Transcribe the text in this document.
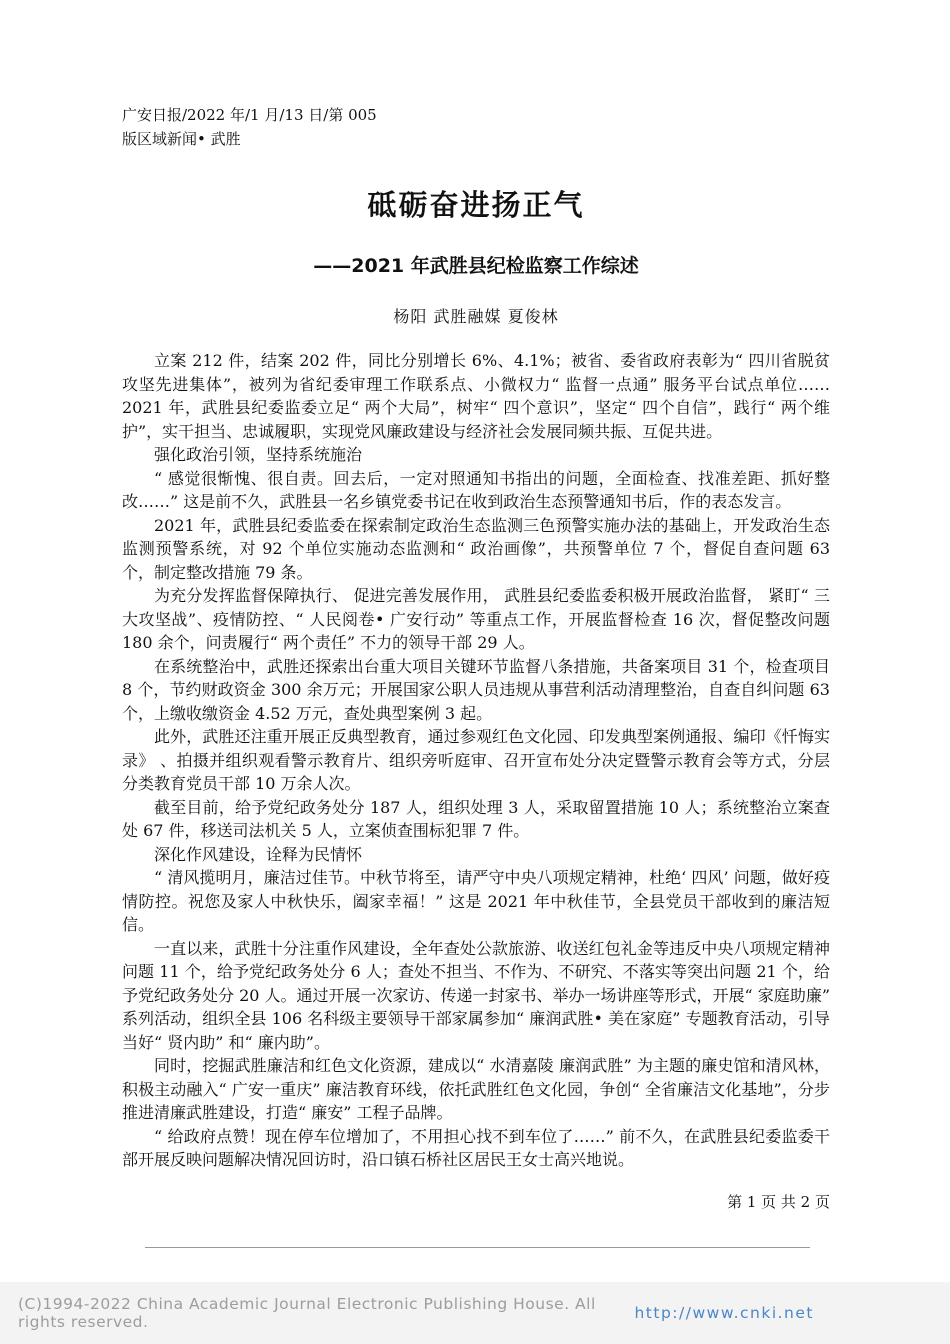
广安日报/2022 年/1 月/13 日/第 005
版区域新闻• 武胜
砥砺奋进扬正气
——2021 年武胜县纪检监察工作综述
杨阳 武胜融媒 夏俊林

立案 212 件，结案 202 件，同比分别增长 6%、4.1%；被省、委省政府表彰为“ 四川省脱贫攻坚先进集体”，被列为省纪委审理工作联系点、小微权力“ 监督一点通” 服务平台试点单位……2021 年，武胜县纪委监委立足“ 两个大局”，树牢“ 四个意识”，坚定“ 四个自信”，践行“ 两个维护”，实干担当、忠诚履职，实现党风廉政建设与经济社会发展同频共振、互促共进。

强化政治引领，坚持系统施治

“ 感觉很惭愧、很自责。回去后，一定对照通知书指出的问题，全面检查、找准差距、抓好整改……” 这是前不久，武胜县一名乡镇党委书记在收到政治生态预警通知书后，作的表态发言。

2021 年，武胜县纪委监委在探索制定政治生态监测三色预警实施办法的基础上，开发政治生态监测预警系统，对 92 个单位实施动态监测和“ 政治画像”，共预警单位 7 个，督促自查问题 63 个，制定整改措施 79 条。

为充分发挥监督保障执行、 促进完善发展作用， 武胜县纪委监委积极开展政治监督， 紧盯“ 三大攻坚战”、疫情防控、“ 人民阅卷• 广安行动” 等重点工作，开展监督检查 16 次，督促整改问题 180 余个，问责履行“ 两个责任” 不力的领导干部 29 人。

在系统整治中，武胜还探索出台重大项目关键环节监督八条措施，共备案项目 31 个，检查项目 8 个，节约财政资金 300 余万元；开展国家公职人员违规从事营利活动清理整治，自查自纠问题 63 个，上缴收缴资金 4.52 万元，查处典型案例 3 起。

此外，武胜还注重开展正反典型教育，通过参观红色文化园、印发典型案例通报、编印《忏悔实录》 、拍摄并组织观看警示教育片、组织旁听庭审、召开宣布处分决定暨警示教育会等方式，分层分类教育党员干部 10 万余人次。

截至目前，给予党纪政务处分 187 人，组织处理 3 人，采取留置措施 10 人；系统整治立案查处 67 件，移送司法机关 5 人，立案侦查围标犯罪 7 件。

深化作风建设，诠释为民情怀

“ 清风揽明月，廉洁过佳节。中秋节将至，请严守中央八项规定精神，杜绝‘ 四风’ 问题，做好疫情防控。祝您及家人中秋快乐，阖家幸福！” 这是 2021 年中秋佳节，全县党员干部收到的廉洁短信。

一直以来，武胜十分注重作风建设，全年查处公款旅游、收送红包礼金等违反中央八项规定精神问题 11 个，给予党纪政务处分 6 人；查处不担当、不作为、不研究、不落实等突出问题 21 个，给予党纪政务处分 20 人。通过开展一次家访、传递一封家书、举办一场讲座等形式，开展“ 家庭助廉” 系列活动，组织全县 106 名科级主要领导干部家属参加“ 廉润武胜• 美在家庭” 专题教育活动，引导当好“ 贤内助” 和“ 廉内助”。

同时，挖掘武胜廉洁和红色文化资源，建成以“ 水清嘉陵 廉润武胜” 为主题的廉史馆和清风林，积极主动融入“ 广安一重庆” 廉洁教育环线，依托武胜红色文化园，争创“ 全省廉洁文化基地”，分步推进清廉武胜建设，打造“ 廉安” 工程子品牌。

“ 给政府点赞！现在停车位增加了，不用担心找不到车位了……” 前不久，在武胜县纪委监委干部开展反映问题解决情况回访时，沿口镇石桥社区居民王女士高兴地说。

第 1 页 共 2 页
(C)1994-2022 China Academic Journal Electronic Publishing House. All rights reserved.	http://www.cnki.net
